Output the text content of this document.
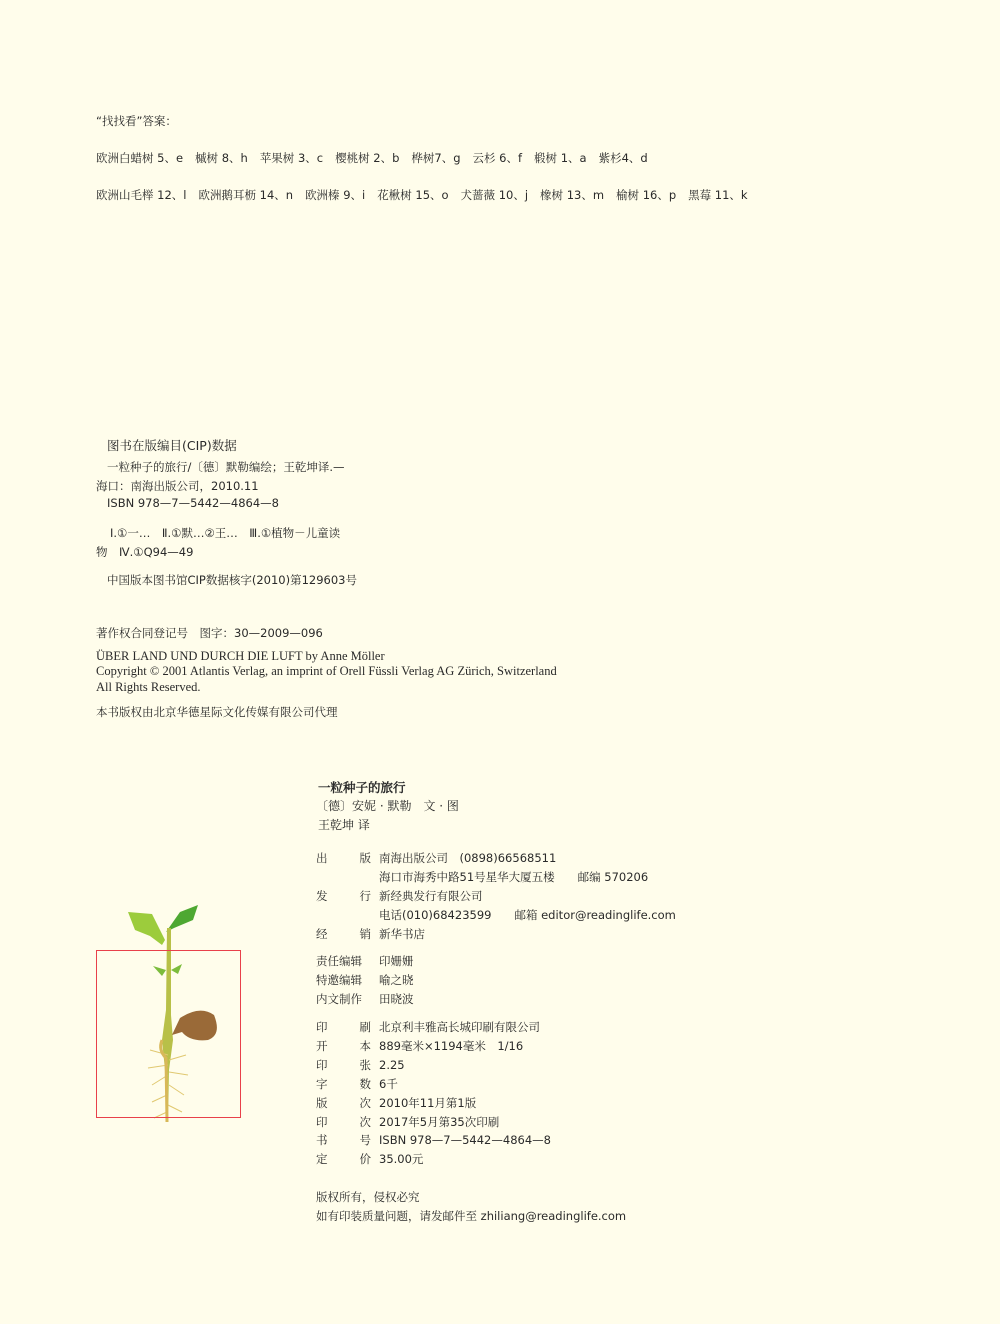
“找找看”答案：
欧洲白蜡树 5、e 槭树 8、h 苹果树 3、c 樱桃树 2、b 桦树7、g 云杉 6、f 椴树 1、a 紫杉4、d
欧洲山毛榉 12、l 欧洲鹅耳枥 14、n 欧洲榛 9、i 花楸树 15、o 犬蔷薇 10、j 橡树 13、m 榆树 16、p 黑莓 11、k
图书在版编目(CIP)数据
一粒种子的旅行/〔德〕默勒编绘；王乾坤译.—
海口：南海出版公司，2010.11
ISBN 978—7—5442—4864—8
Ⅰ.①一…　Ⅱ.①默…②王…　Ⅲ.①植物－儿童读
物　Ⅳ.①Q94—49
中国版本图书馆CIP数据核字(2010)第129603号
著作权合同登记号　图字：30—2009—096
ÜBER LAND UND DURCH DIE LUFT by Anne Möller
Copyright © 2001 Atlantis Verlag, an imprint of Orell Füssli Verlag AG Zürich, Switzerland
All Rights Reserved.
本书版权由北京华德星际文化传媒有限公司代理
一粒种子的旅行
〔德〕安妮 · 默勒　文 · 图
王乾坤 译
出	版 南海出版公司　(0898)66568511
海口市海秀中路51号星华大厦五楼　　邮编 570206
发	行 新经典发行有限公司
电话(010)68423599　　邮箱 editor@readinglife.com
经	销 新华书店
责任编辑 印姗姗
特邀编辑 喻之晓
内文制作 田晓波
印	刷 北京利丰雅高长城印刷有限公司
开	本 889毫米×1194毫米　1/16
印	张 2.25
字	数 6千
版	次 2010年11月第1版
印	次 2017年5月第35次印刷
书	号 ISBN 978—7—5442—4864—8
定	价 35.00元
版权所有，侵权必究
如有印装质量问题，请发邮件至 zhiliang@readinglife.com
